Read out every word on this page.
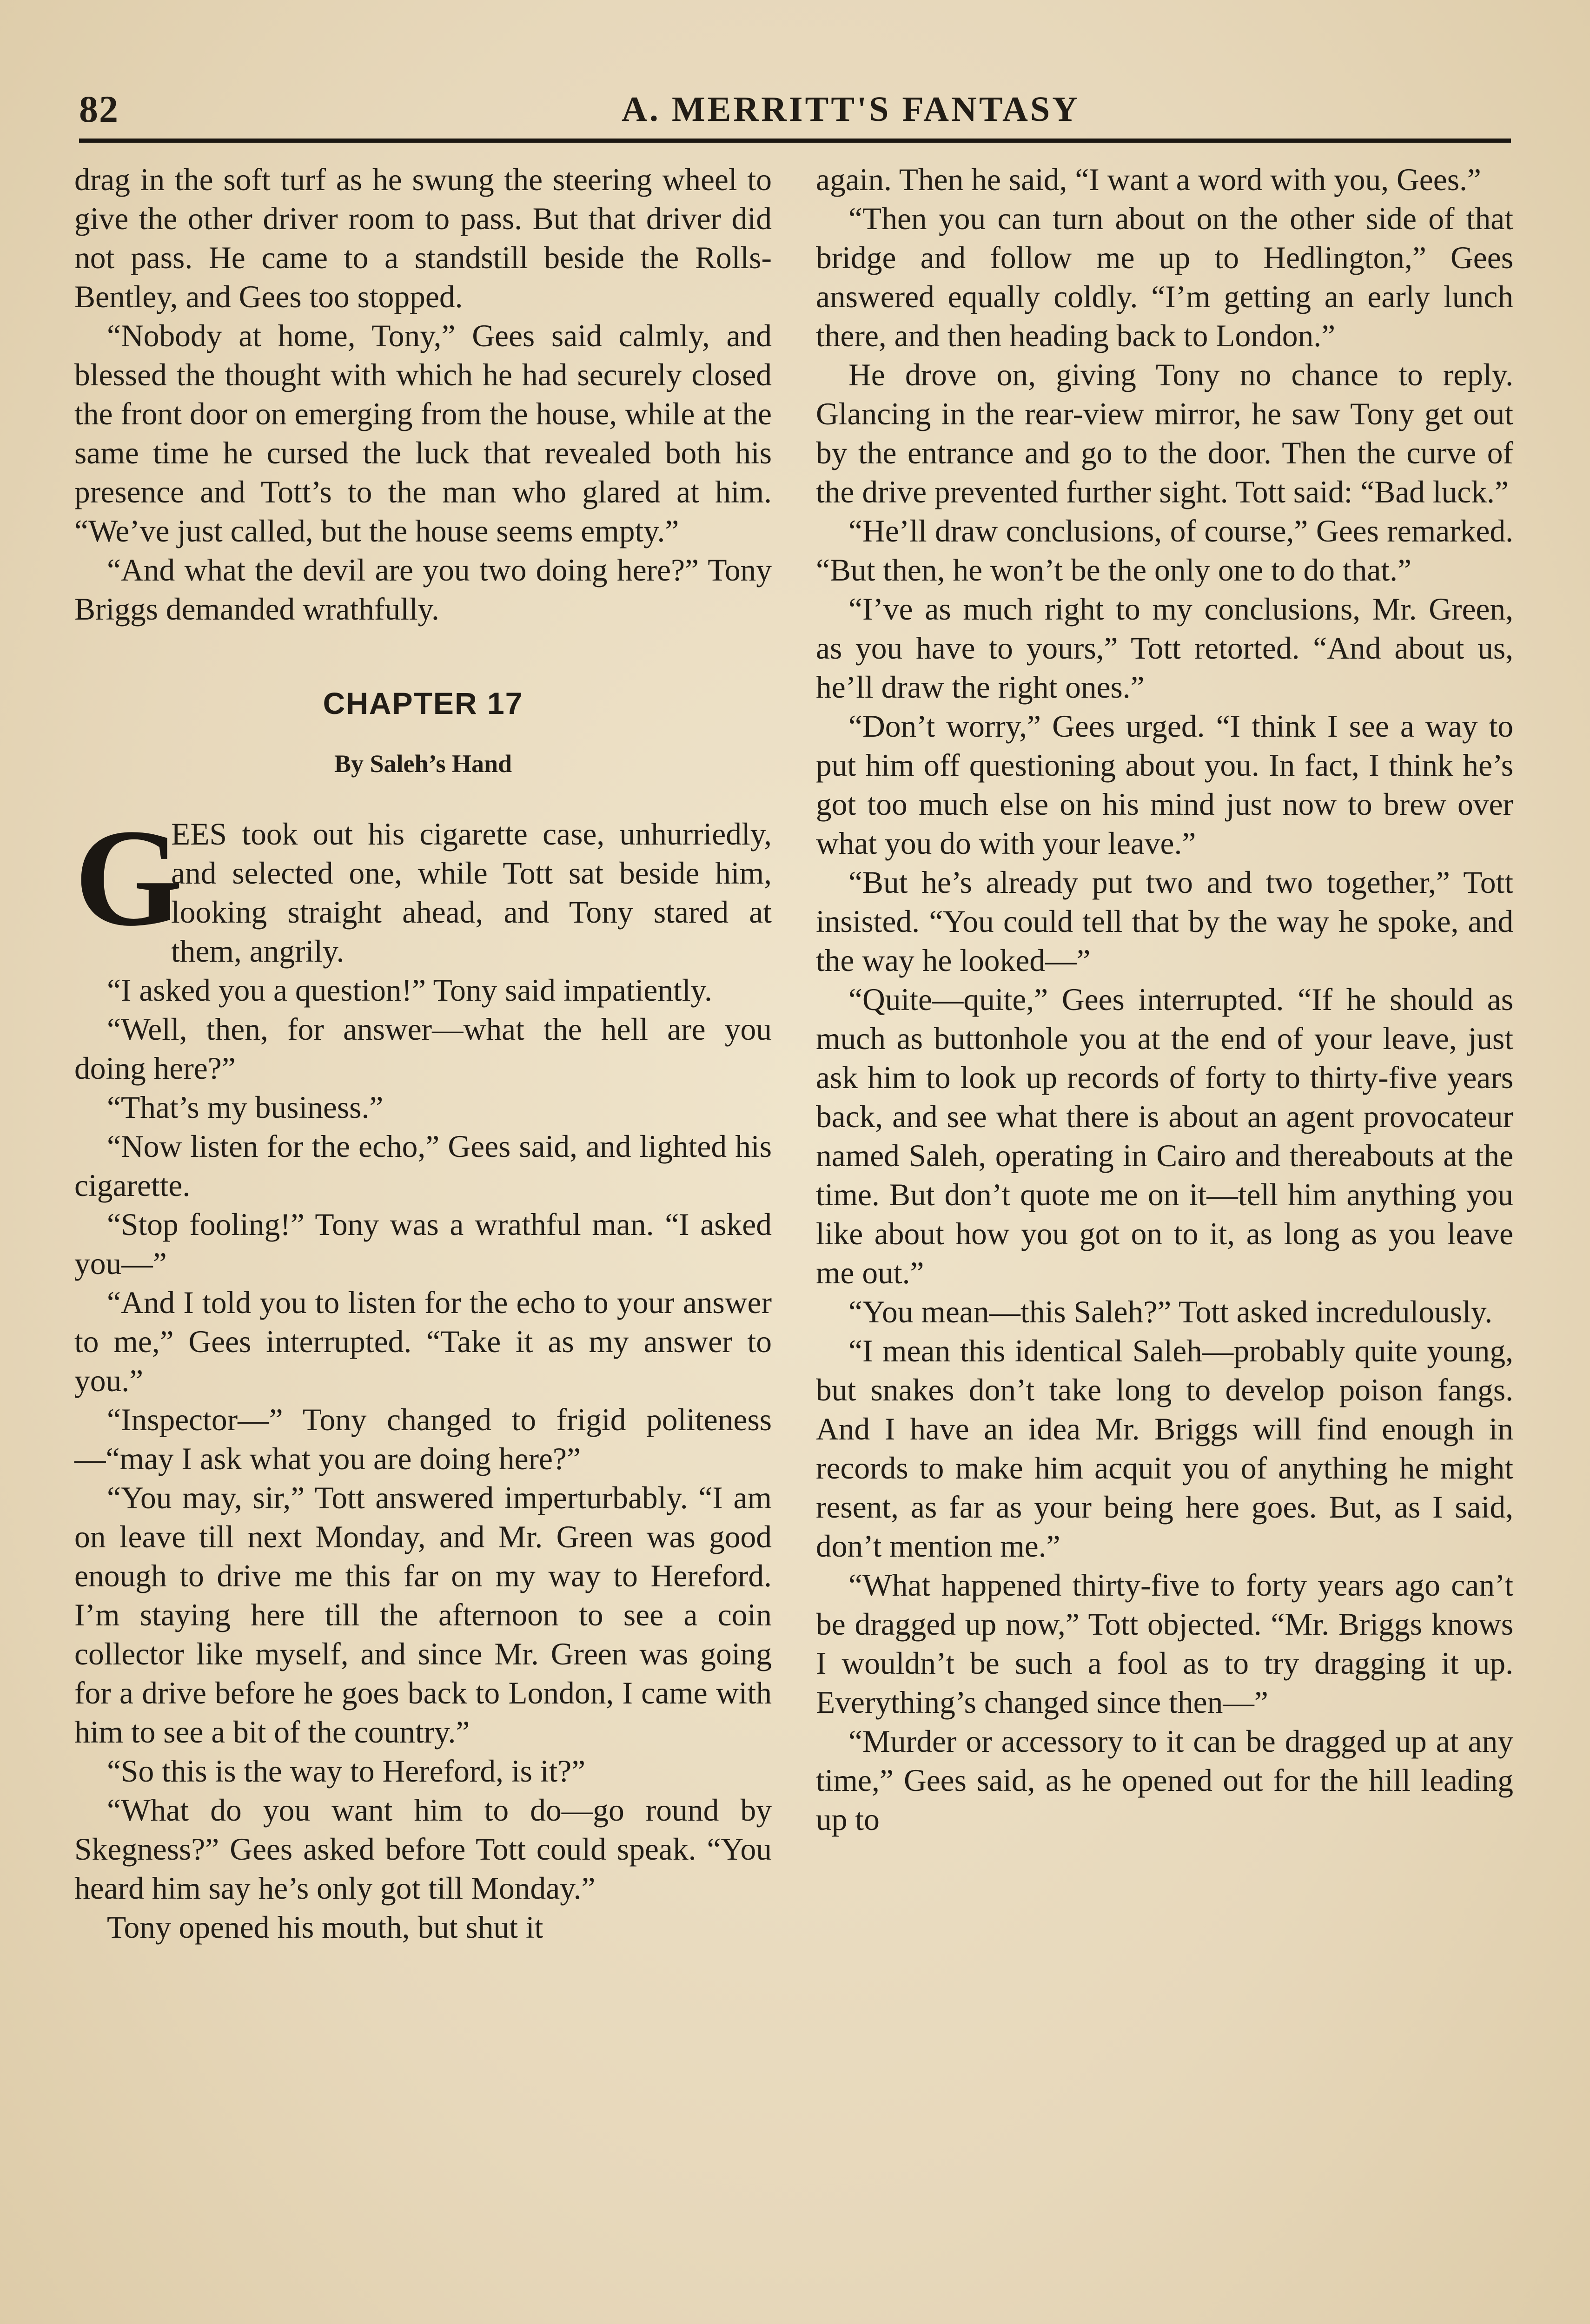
82	A. MERRITT'S FANTASY

drag in the soft turf as he swung the steering wheel to give the other driver room to pass. But that driver did not pass. He came to a standstill beside the Rolls-Bentley, and Gees too stopped.

“Nobody at home, Tony,” Gees said calmly, and blessed the thought with which he had securely closed the front door on emerging from the house, while at the same time he cursed the luck that revealed both his presence and Tott’s to the man who glared at him. “We’ve just called, but the house seems empty.”

“And what the devil are you two doing here?” Tony Briggs demanded wrathfully.

CHAPTER 17
By Saleh’s Hand
G

EES took out his cigarette case, unhurriedly, and selected one, while Tott sat beside him, looking straight ahead, and Tony stared at them, angrily.

“I asked you a question!” Tony said impatiently.

“Well, then, for answer—what the hell are you doing here?”

“That’s my business.”

“Now listen for the echo,” Gees said, and lighted his cigarette.

“Stop fooling!” Tony was a wrathful man. “I asked you—”

“And I told you to listen for the echo to your answer to me,” Gees interrupted. “Take it as my answer to you.”

“Inspector—” Tony changed to frigid politeness—“may I ask what you are doing here?”

“You may, sir,” Tott answered imperturbably. “I am on leave till next Monday, and Mr. Green was good enough to drive me this far on my way to Hereford. I’m staying here till the afternoon to see a coin collector like myself, and since Mr. Green was going for a drive before he goes back to London, I came with him to see a bit of the country.”

“So this is the way to Hereford, is it?”

“What do you want him to do—go round by Skegness?” Gees asked before Tott could speak. “You heard him say he’s only got till Monday.”

Tony opened his mouth, but shut it

again. Then he said, “I want a word with you, Gees.”

“Then you can turn about on the other side of that bridge and follow me up to Hedlington,” Gees answered equally coldly. “I’m getting an early lunch there, and then heading back to London.”

He drove on, giving Tony no chance to reply. Glancing in the rear-view mirror, he saw Tony get out by the entrance and go to the door. Then the curve of the drive prevented further sight. Tott said: “Bad luck.”

“He’ll draw conclusions, of course,” Gees remarked. “But then, he won’t be the only one to do that.”

“I’ve as much right to my conclusions, Mr. Green, as you have to yours,” Tott retorted. “And about us, he’ll draw the right ones.”

“Don’t worry,” Gees urged. “I think I see a way to put him off questioning about you. In fact, I think he’s got too much else on his mind just now to brew over what you do with your leave.”

“But he’s already put two and two together,” Tott insisted. “You could tell that by the way he spoke, and the way he looked—”

“Quite—quite,” Gees interrupted. “If he should as much as buttonhole you at the end of your leave, just ask him to look up records of forty to thirty-five years back, and see what there is about an agent provocateur named Saleh, operating in Cairo and thereabouts at the time. But don’t quote me on it—tell him anything you like about how you got on to it, as long as you leave me out.”

“You mean—this Saleh?” Tott asked incredulously.

“I mean this identical Saleh—probably quite young, but snakes don’t take long to develop poison fangs. And I have an idea Mr. Briggs will find enough in records to make him acquit you of anything he might resent, as far as your being here goes. But, as I said, don’t mention me.”

“What happened thirty-five to forty years ago can’t be dragged up now,” Tott objected. “Mr. Briggs knows I wouldn’t be such a fool as to try dragging it up. Everything’s changed since then—”

“Murder or accessory to it can be dragged up at any time,” Gees said, as he opened out for the hill leading up to
